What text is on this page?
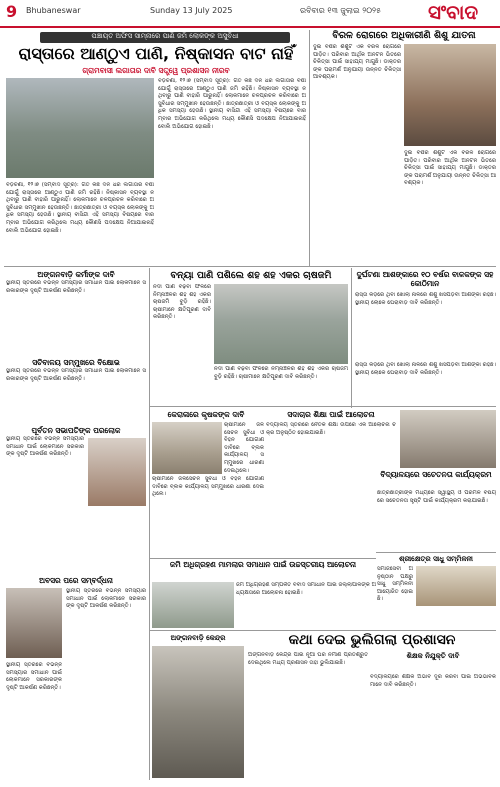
9 Bhubaneswar	Sunday 13 July 2025	ରବିବାର ୧୩ ଜୁଲାଇ ୨୦୨୫ ସଂବାଦ
ପଞ୍ଚାୟତ ଅଫିସ ସାମ୍ନାରେ ପାଣି ଜମି ଲୋକଙ୍କ ଅସୁବିଧା
ରାସ୍ତାରେ ଆଣ୍ଠୁଏ ପାଣି, ନିଷ୍କାସନ ବାଟ ନାହିଁ
ଗ୍ରାମବାସୀ ଲଗାତାର ଦାବି ସତ୍ତ୍ୱେ ପ୍ରଶାସନ ନୀରବ
ବଡ଼ଚଣା, ୧୨।୭ (ସମ୍ବାଦ ସୂତ୍ର): ଗତ କିଛି ଦିନ ଧରି ଲଗାତାର ବର୍ଷା ଯୋଗୁଁ ରାସ୍ତାରେ ଆଣ୍ଠୁଏ ପାଣି ଜମି ରହିଛି। ନିଷ୍କାସନ ବ୍ୟବସ୍ଥା ନ ଥିବାରୁ ପାଣି ବାହାରି ପାରୁନାହିଁ। ଲୋକମାନେ ଚଳପ୍ରଚଳ କରିବାରେ ଅସୁବିଧାର ସମ୍ମୁଖୀନ ହେଉଛନ୍ତି। ଛାତ୍ରଛାତ୍ରୀ ଓ ବୟସ୍କ ଲୋକଙ୍କୁ ଅଧିକ ସମସ୍ୟା ହେଉଛି। ସ୍ଥାନୀୟ ବାସିନ୍ଦା ଏହି ସମସ୍ୟା ବିଷୟରେ ବାରମ୍ବାର ଅଭିଯୋଗ କରିଥିଲେ ମଧ୍ୟ କୌଣସି ପଦକ୍ଷେପ ନିଆଯାଇନାହିଁ ବୋଲି ଅଭିଯୋଗ ହୋଇଛି।
ବଡ଼ଚଣା, ୧୨।୭ (ସମ୍ବାଦ ସୂତ୍ର): ଗତ କିଛି ଦିନ ଧରି ଲଗାତାର ବର୍ଷା ଯୋଗୁଁ ରାସ୍ତାରେ ଆଣ୍ଠୁଏ ପାଣି ଜମି ରହିଛି। ନିଷ୍କାସନ ବ୍ୟବସ୍ଥା ନ ଥିବାରୁ ପାଣି ବାହାରି ପାରୁନାହିଁ। ଲୋକମାନେ ଚଳପ୍ରଚଳ କରିବାରେ ଅସୁବିଧାର ସମ୍ମୁଖୀନ ହେଉଛନ୍ତି। ଛାତ୍ରଛାତ୍ରୀ ଓ ବୟସ୍କ ଲୋକଙ୍କୁ ଅଧିକ ସମସ୍ୟା ହେଉଛି। ସ୍ଥାନୀୟ ବାସିନ୍ଦା ଏହି ସମସ୍ୟା ବିଷୟରେ ବାରମ୍ବାର ଅଭିଯୋଗ କରିଥିଲେ ମଧ୍ୟ କୌଣସି ପଦକ୍ଷେପ ନିଆଯାଇନାହିଁ ବୋଲି ଅଭିଯୋଗ ହୋଇଛି।
ବିରଳ ରୋଗରେ ଅଧିକାରୀଣି ଶିଶୁ ଯାତନା
ଦୁଇ ବର୍ଷର ଶିଶୁଟି ଏକ ବିରଳ ରୋଗରେ ପୀଡ଼ିତ। ପରିବାର ଆର୍ଥିକ ଅନଟନ ଭିତରେ ଚିକିତ୍ସା ପାଇଁ ସାହାଯ୍ୟ ମାଗୁଛି। ଡାକ୍ତରଙ୍କ ପରାମର୍ଶ ଅନୁଯାୟୀ ଉନ୍ନତ ଚିକିତ୍ସା ଆବଶ୍ୟକ।
ଦୁଇ ବର୍ଷର ଶିଶୁଟି ଏକ ବିରଳ ରୋଗରେ ପୀଡ଼ିତ। ପରିବାର ଆର୍ଥିକ ଅନଟନ ଭିତରେ ଚିକିତ୍ସା ପାଇଁ ସାହାଯ୍ୟ ମାଗୁଛି। ଡାକ୍ତରଙ୍କ ପରାମର୍ଶ ଅନୁଯାୟୀ ଉନ୍ନତ ଚିକିତ୍ସା ଆବଶ୍ୟକ।
ଅଙ୍ଗନବାଡ଼ି କର୍ମୀଙ୍କ ଦାବି
ସ୍ଥାନୀୟ ସ୍ତରରେ ବିଭିନ୍ନ ସମସ୍ୟାର ସମାଧାନ ପାଇଁ ଲୋକମାନେ ସରକାରଙ୍କ ଦୃଷ୍ଟି ଆକର୍ଷଣ କରିଛନ୍ତି।
ସଚିବାଳୟ ସମ୍ମୁଖରେ ବିକ୍ଷୋଭ
ସ୍ଥାନୀୟ ସ୍ତରରେ ବିଭିନ୍ନ ସମସ୍ୟାର ସମାଧାନ ପାଇଁ ଲୋକମାନେ ସରକାରଙ୍କ ଦୃଷ୍ଟି ଆକର୍ଷଣ କରିଛନ୍ତି।
ପୂର୍ବତନ ସଭାପତିଙ୍କ ପରଲୋକ
ସ୍ଥାନୀୟ ସ୍ତରରେ ବିଭିନ୍ନ ସମସ୍ୟାର ସମାଧାନ ପାଇଁ ଲୋକମାନେ ସରକାରଙ୍କ ଦୃଷ୍ଟି ଆକର୍ଷଣ କରିଛନ୍ତି।
ଅବସର ପରେ ସମ୍ବର୍ଦ୍ଧନା
ସ୍ଥାନୀୟ ସ୍ତରରେ ବିଭିନ୍ନ ସମସ୍ୟାର ସମାଧାନ ପାଇଁ ଲୋକମାନେ ସରକାରଙ୍କ ଦୃଷ୍ଟି ଆକର୍ଷଣ କରିଛନ୍ତି।
ସ୍ଥାନୀୟ ସ୍ତରରେ ବିଭିନ୍ନ ସମସ୍ୟାର ସମାଧାନ ପାଇଁ ଲୋକମାନେ ସରକାରଙ୍କ ଦୃଷ୍ଟି ଆକର୍ଷଣ କରିଛନ୍ତି।
ବନ୍ୟା ପାଣି ପଶିଲେ ଶହ ଶହ ଏକର ଚାଷଜମି
ନଦୀ ପାଣି ବଢ଼ିବା ଫଳରେ ନିମ୍ନାଞ୍ଚଳର ଶହ ଶହ ଏକର ଚାଷଜମି ବୁଡ଼ି ରହିଛି। ଚାଷୀମାନେ କ୍ଷତିପୂରଣ ଦାବି କରିଛନ୍ତି।
ନଦୀ ପାଣି ବଢ଼ିବା ଫଳରେ ନିମ୍ନାଞ୍ଚଳର ଶହ ଶହ ଏକର ଚାଷଜମି ବୁଡ଼ି ରହିଛି। ଚାଷୀମାନେ କ୍ଷତିପୂରଣ ଦାବି କରିଛନ୍ତି।
ଦୁର୍ଘଟଣା ଆଶଙ୍କାରେ ୧୦ ବର୍ଷର ବାଳକଙ୍କ ସହ କୋଠିମାନ
ରାସ୍ତା କଡ଼ରେ ଥିବା ଖୋଲା ନାଳରେ ଶିଶୁ ଖସିପଡ଼ିବା ଆଶଙ୍କା ରହିଛି। ସ୍ଥାନୀୟ ଲୋକେ ଘେରାବାଡ଼ ଦାବି କରିଛନ୍ତି।
ରାସ୍ତା କଡ଼ରେ ଥିବା ଖୋଲା ନାଳରେ ଶିଶୁ ଖସିପଡ଼ିବା ଆଶଙ୍କା ରହିଛି। ସ୍ଥାନୀୟ ଲୋକେ ଘେରାବାଡ଼ ଦାବି କରିଛନ୍ତି।
କେରାଳାରେ କୃଷକଙ୍କ ଦାବି
ଚାଷୀମାନେ ଜଳସେଚନ ସୁବିଧା ଓ ବିହନ ଯୋଗାଣ ଦାବିରେ ବ୍ଲକ କାର୍ଯ୍ୟାଳୟ ସମ୍ମୁଖରେ ଧାରଣା ଦେଇଥିଲେ।
ଚାଷୀମାନେ ଜଳସେଚନ ସୁବିଧା ଓ ବିହନ ଯୋଗାଣ ଦାବିରେ ବ୍ଲକ କାର୍ଯ୍ୟାଳୟ ସମ୍ମୁଖରେ ଧାରଣା ଦେଇଥିଲେ।
ସଦାଚାର ଶିକ୍ଷା ପାଇଁ ଆଲୋଚନା
ବିଦ୍ୟାଳୟ ସ୍ତରରେ ନୈତିକ ଶିକ୍ଷା ଉପରେ ଏକ ଆଲୋଚନା ଚକ୍ର ଅନୁଷ୍ଠିତ ହୋଇଯାଇଛି।
ବିଦ୍ୟାଳୟରେ ସଚେତନତା କାର୍ଯ୍ୟକ୍ରମ
ଛାତ୍ରଛାତ୍ରୀଙ୍କ ମଧ୍ୟରେ ସ୍ୱାସ୍ଥ୍ୟ ଓ ପରିମଳ ବିଷୟରେ ସଚେତନତା ସୃଷ୍ଟି ପାଇଁ କାର୍ଯ୍ୟକ୍ରମ କରାଯାଇଛି।
ଶ୍ରୀକ୍ଷେତ୍ର ସାଧୁ ସମ୍ମିଳନୀ
ସମାଜସେବୀ ଅନୁଷ୍ଠାନ ପକ୍ଷରୁ ସାଧୁ ସମ୍ମିଳନୀ ଆୟୋଜିତ ହୋଇଛି।
ଜମି ଅଧିଗ୍ରହଣ ମାମଲାର ସମାଧାନ ପାଇଁ ଉଚ୍ଚସ୍ତରୀୟ ଆଲୋଚନା
ଜମି ଅଧିଗ୍ରହଣ ସମ୍ପର୍କିତ ବିବାଦ ସମାଧାନ ପାଇଁ ଜିଲ୍ଲାପାଳଙ୍କ ଅଧ୍ୟକ୍ଷତାରେ ଆଲୋଚନା ହୋଇଛି।
ଅଙ୍ଗନବାଡ଼ି କେନ୍ଦ୍ର	କଥା ଦେଇ ଭୁଲିଗଲା ପ୍ରଶାସନ
ଅଙ୍ଗନବାଡ଼ି କେନ୍ଦ୍ର ପାଇଁ ନୂଆ ଘର ନିର୍ମାଣ ପ୍ରତିଶ୍ରୁତି ଦେଇଥିଲେ ମଧ୍ୟ ପ୍ରଶାସନ ତାହା ଭୁଲିଯାଇଛି।
ଶିକ୍ଷକ ନିଯୁକ୍ତି ଦାବି
ବିଦ୍ୟାଳୟରେ ଶିକ୍ଷକ ଅଭାବ ଦୂର କରିବା ପାଇଁ ଅଭିଭାବକମାନେ ଦାବି କରିଛନ୍ତି।
